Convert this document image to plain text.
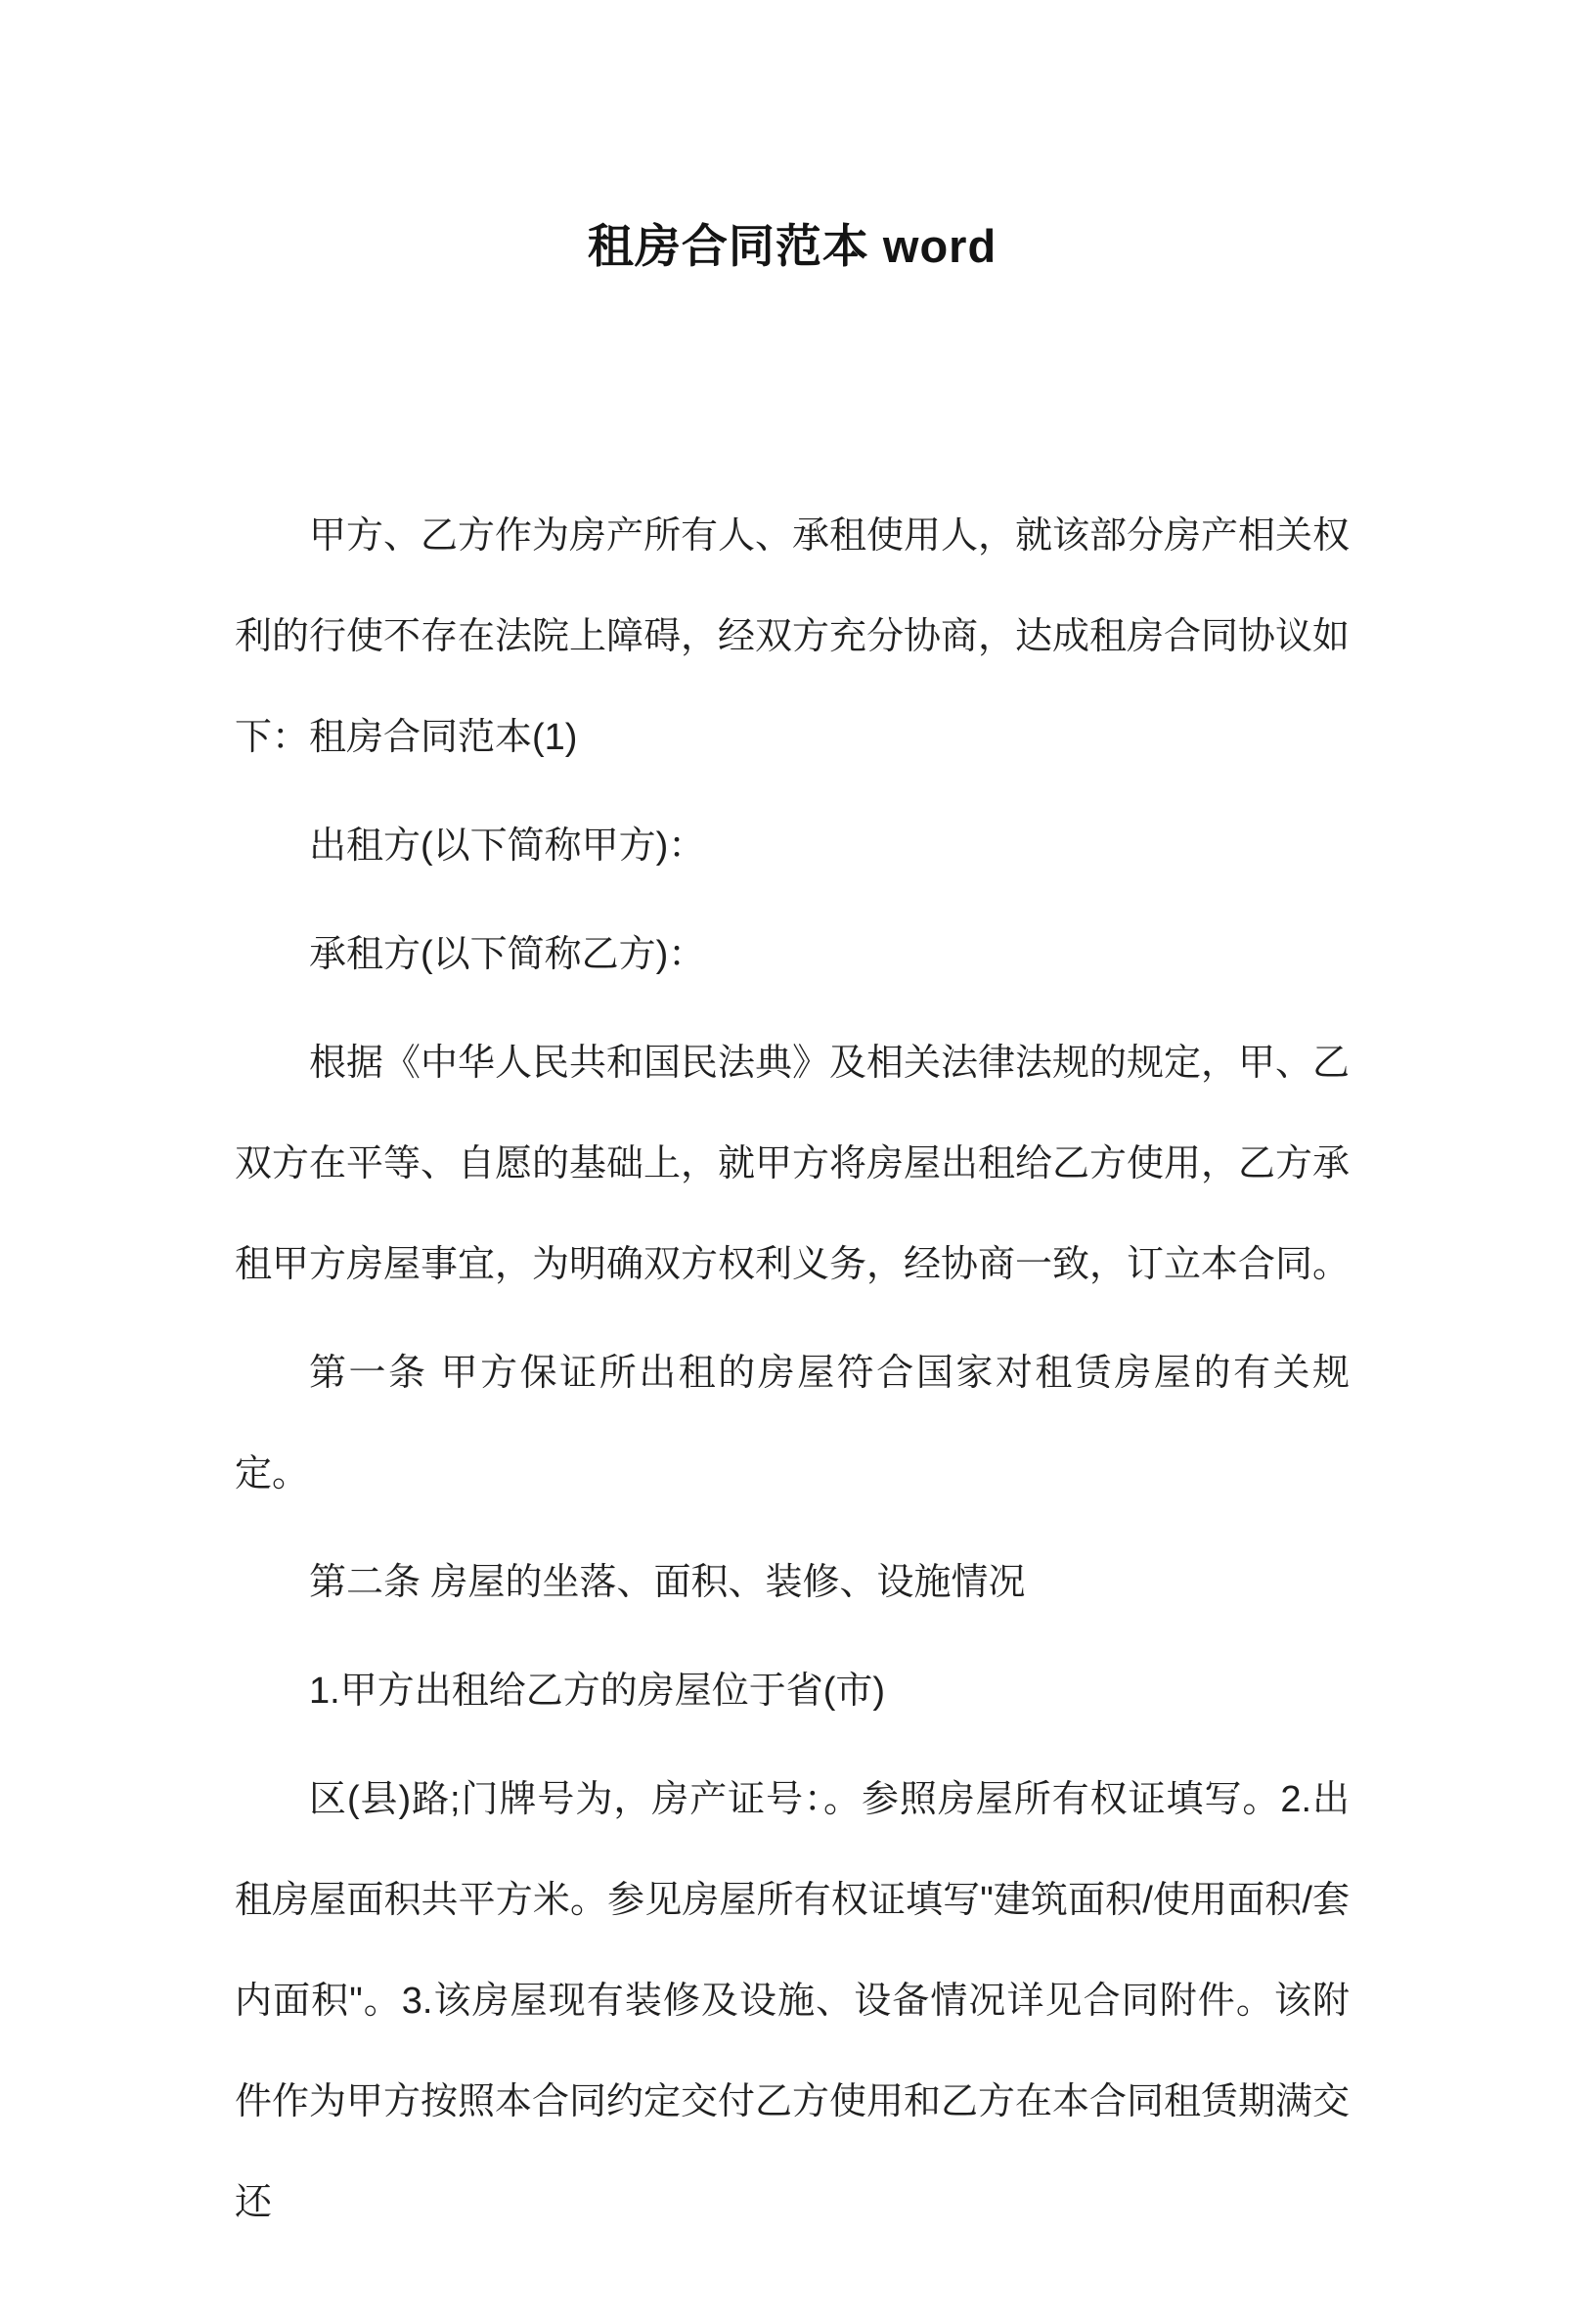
租房合同范本 word

甲方、乙方作为房产所有人、承租使用人，就该部分房产相关权利的行使不存在法院上障碍，经双方充分协商，达成租房合同协议如下：租房合同范本(1)

出租方(以下简称甲方)：

承租方(以下简称乙方)：

根据《中华人民共和国民法典》及相关法律法规的规定，甲、乙双方在平等、自愿的基础上，就甲方将房屋出租给乙方使用，乙方承租甲方房屋事宜，为明确双方权利义务，经协商一致，订立本合同。

第一条 甲方保证所出租的房屋符合国家对租赁房屋的有关规定。

第二条 房屋的坐落、面积、装修、设施情况

1.甲方出租给乙方的房屋位于省(市)

区(县)路;门牌号为，房产证号：。参照房屋所有权证填写。2.出租房屋面积共平方米。参见房屋所有权证填写"建筑面积/使用面积/套内面积"。3.该房屋现有装修及设施、设备情况详见合同附件。该附件作为甲方按照本合同约定交付乙方使用和乙方在本合同租赁期满交还
